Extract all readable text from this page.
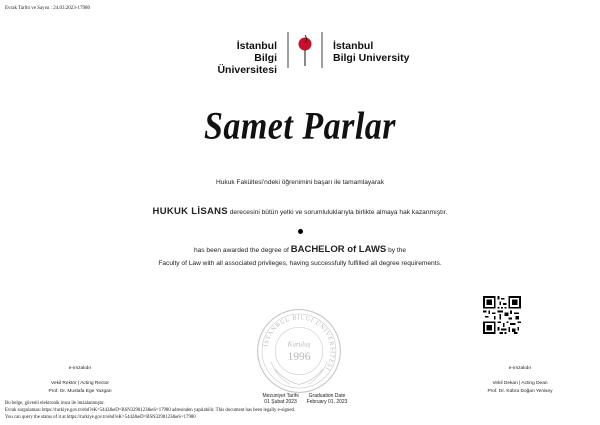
Evrak Tarihi ve Sayısı : 24.03.2023-17980
İstanbul
Bilgi Üniversitesi
İstanbul
Bilgi University
Samet Parlar
Hukuk Fakültesi'ndeki öğrenimini başarı ile tamamlayarak
HUKUK LİSANS derecesini bütün yetki ve sorumluluklarıyla birlikte almaya hak kazanmıştır.
has been awarded the degree of BACHELOR of LAWS by the
Faculty of Law with all associated privileges, having successfully fulfilled all degree requirements.
İSTANBUL BİLGİ ÜNİVERSİTESİ
Kuruluş
1996
e-imzalıdır
Vekil Rektör | Acting Rector
Prof. Dr. Mustafa Ege Yazgan
e-imzalıdır
Vekil Dekan | Acting Dean
Prof. Dr. Kübra Doğan Yenisey
Mezuniyet Tarihi	Graduation Date
01 Şubat 2023	February 01, 2023
Bu belge, güvenli elektronik imza ile imzalanmıştır.
Evrak sorgulaması https://turkiye.gov.tr/ebd?eK=5442&eD=BSN3298123&eS=17980 adresinden yapılabilir. This document has been legally e-signed.
You can query the status of it at https://turkiye.gov.tr/ebd?eK=5442&eD=BSN3298123&eS=17980
